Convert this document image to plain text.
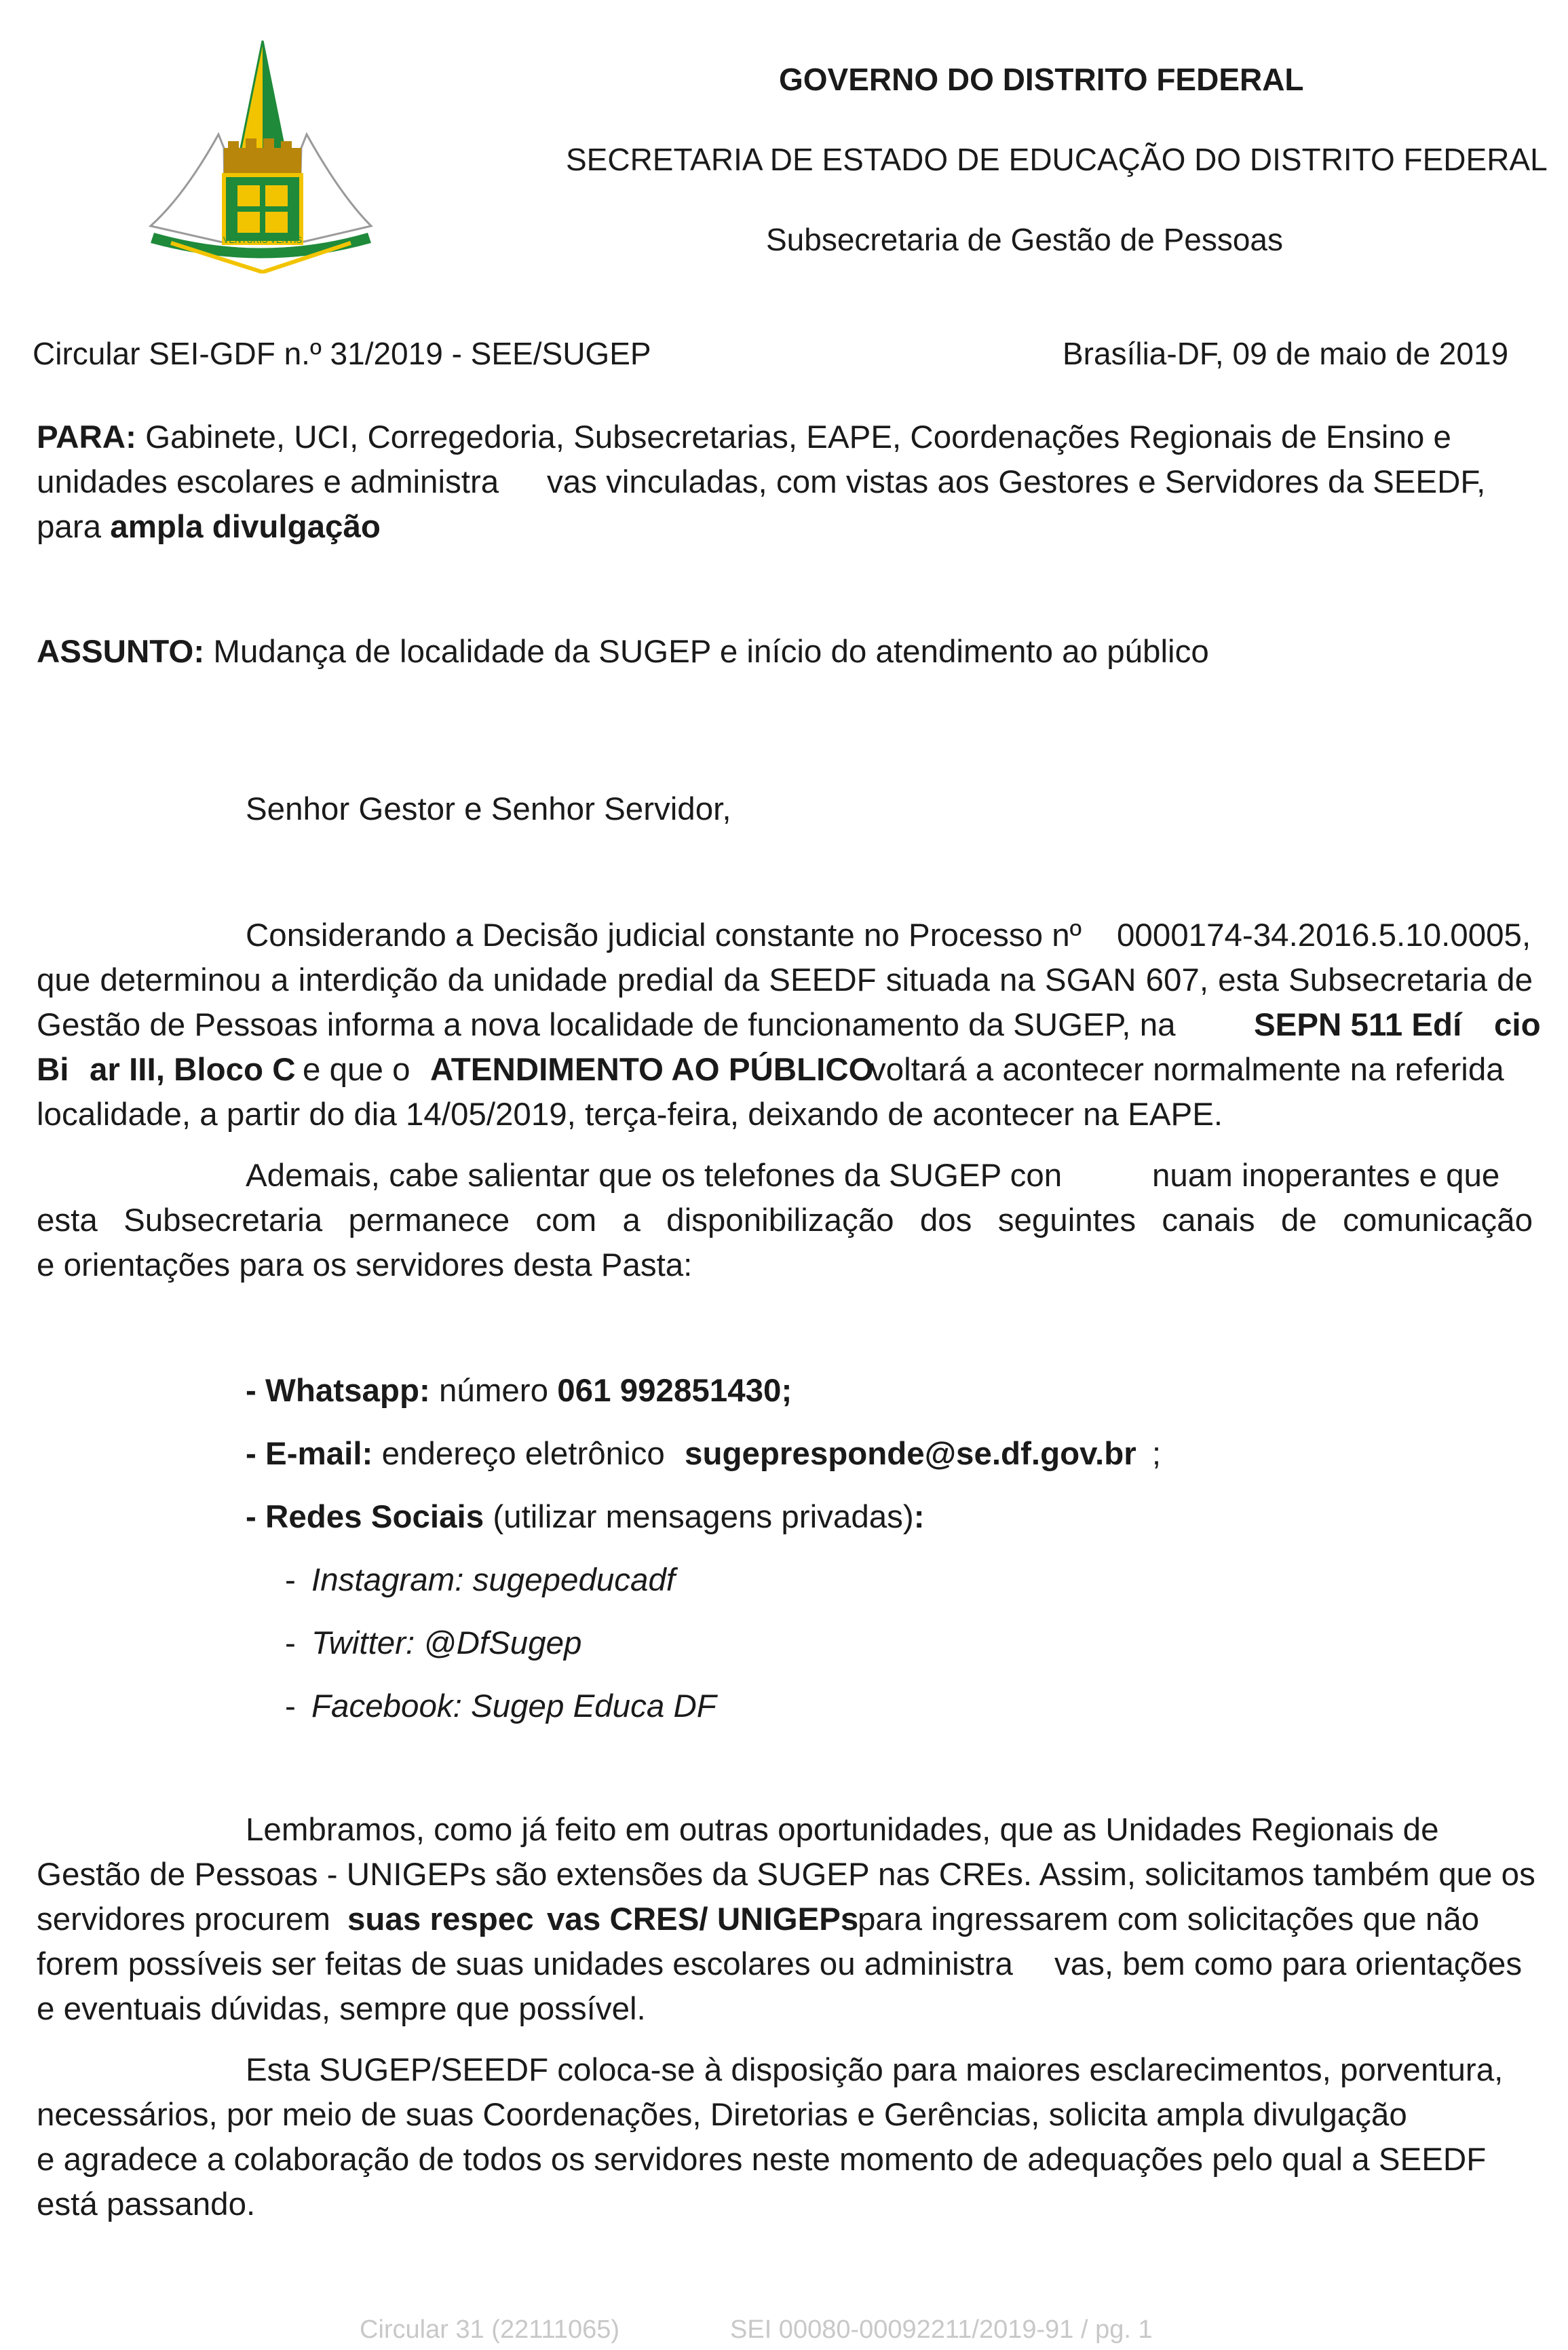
VENTURIS VENTIS
GOVERNO DO DISTRITO FEDERAL
SECRETARIA DE ESTADO DE EDUCAÇÃO DO DISTRITO FEDERAL
Subsecretaria de Gestão de Pessoas
Circular SEI-GDF n.º 31/2019 - SEE/SUGEP	Brasília-DF, 09 de maio de 2019
PARA: Gabinete, UCI, Corregedoria, Subsecretarias, EAPE, Coordenações Regionais de Ensino e
unidades escolares e administra vas vinculadas, com vistas aos Gestores e Servidores da SEEDF,
para ampla divulgação
ASSUNTO: Mudança de localidade da SUGEP e início do atendimento ao público
Senhor Gestor e Senhor Servidor,
Considerando a Decisão judicial constante no Processo nº 0000174-34.2016.5.10.0005,
que determinou a interdição da unidade predial da SEEDF situada na SGAN 607, esta Subsecretaria de
Gestão de Pessoas informa a nova localidade de funcionamento da SUGEP, na SEPN 511 Edí cio
Bi ar III, Bloco C e que o ATENDIMENTO AO PÚBLICO
voltará a acontecer normalmente na referida
localidade, a partir do dia 14/05/2019, terça-feira, deixando de acontecer na EAPE.
Ademais, cabe salientar que os telefones da SUGEP con	nuam inoperantes e que
esta Subsecretaria permanece com a disponibilização dos seguintes canais de comunicação
e orientações para os servidores desta Pasta:
- Whatsapp: número 061 992851430;
- E-mail: endereço eletrônico sugepresponde@se.df.gov.br ;
- Redes Sociais (utilizar mensagens privadas):
- Instagram: sugepeducadf
- Twitter: @DfSugep
- Facebook: Sugep Educa DF
Lembramos, como já feito em outras oportunidades, que as Unidades Regionais de
Gestão de Pessoas - UNIGEPs são extensões da SUGEP nas CREs. Assim, solicitamos também que os
servidores procurem suas respec vas CRES/ UNIGEPs
para ingressarem com solicitações que não
forem possíveis ser feitas de suas unidades escolares ou administra vas, bem como para orientações
e eventuais dúvidas, sempre que possível.
Esta SUGEP/SEEDF coloca-se à disposição para maiores esclarecimentos, porventura,
necessários, por meio de suas Coordenações, Diretorias e Gerências, solicita ampla divulgação
e agradece a colaboração de todos os servidores neste momento de adequações pelo qual a SEEDF
está passando.
Circular 31 (22111065)	SEI 00080-00092211/2019-91 / pg. 1
